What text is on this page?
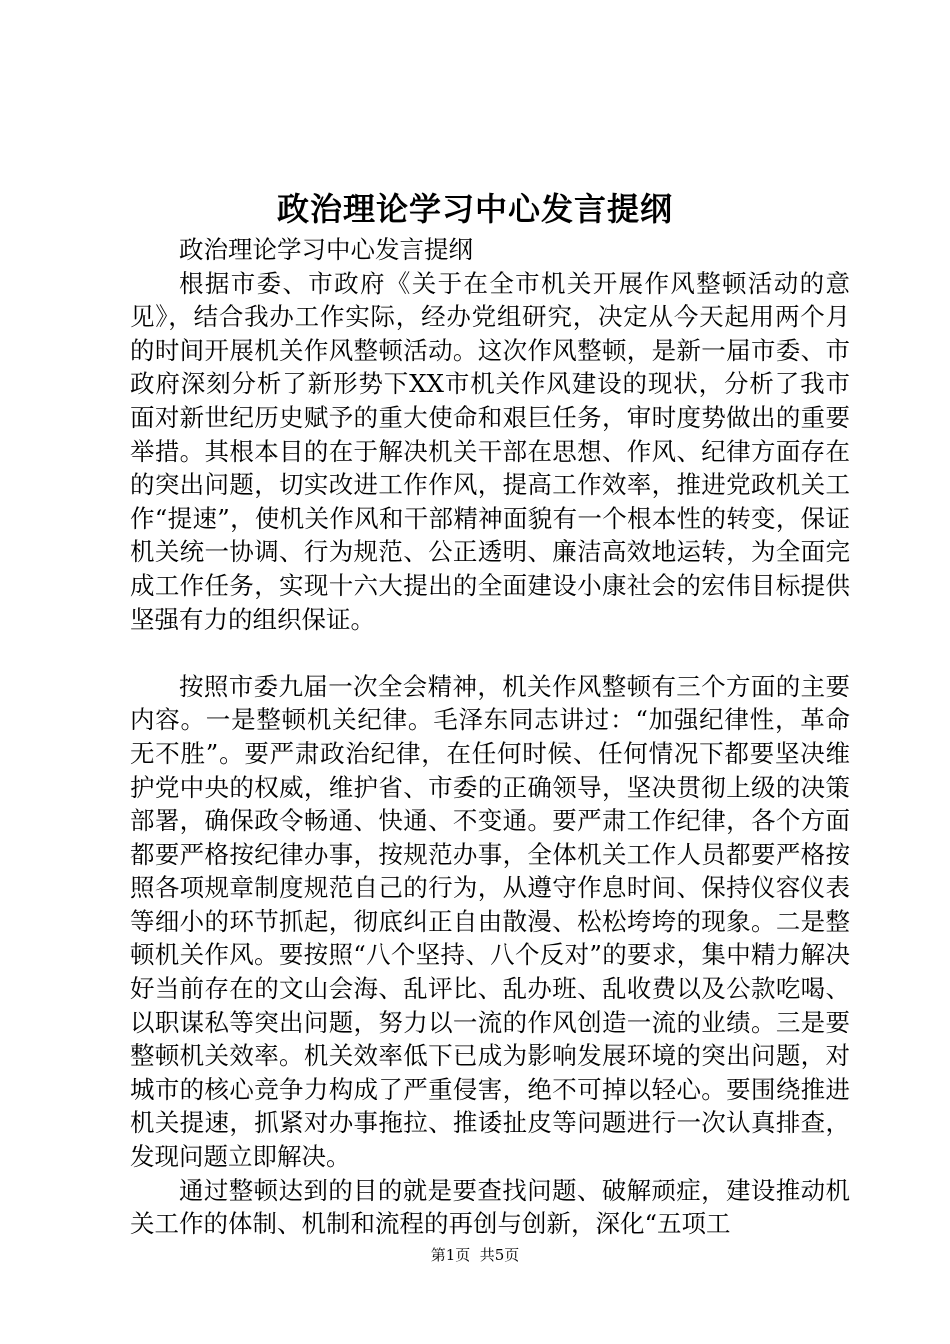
政治理论学习中心发言提纲

政治理论学习中心发言提纲

根据市委、市政府《关于在全市机关开展作风整顿活动的意见》，结合我办工作实际，经办党组研究，决定从今天起用两个月的时间开展机关作风整顿活动。这次作风整顿，是新一届市委、市政府深刻分析了新形势下XX市机关作风建设的现状，分析了我市面对新世纪历史赋予的重大使命和艰巨任务，审时度势做出的重要举措。其根本目的在于解决机关干部在思想、作风、纪律方面存在的突出问题，切实改进工作作风，提高工作效率，推进党政机关工作“提速”，使机关作风和干部精神面貌有一个根本性的转变，保证机关统一协调、行为规范、公正透明、廉洁高效地运转，为全面完成工作任务，实现十六大提出的全面建设小康社会的宏伟目标提供坚强有力的组织保证。

按照市委九届一次全会精神，机关作风整顿有三个方面的主要内容。一是整顿机关纪律。毛泽东同志讲过：“加强纪律性，革命无不胜”。要严肃政治纪律，在任何时候、任何情况下都要坚决维护党中央的权威，维护省、市委的正确领导，坚决贯彻上级的决策部署，确保政令畅通、快通、不变通。要严肃工作纪律，各个方面都要严格按纪律办事，按规范办事，全体机关工作人员都要严格按照各项规章制度规范自己的行为，从遵守作息时间、保持仪容仪表等细小的环节抓起，彻底纠正自由散漫、松松垮垮的现象。二是整顿机关作风。要按照“八个坚持、八个反对”的要求，集中精力解决好当前存在的文山会海、乱评比、乱办班、乱收费以及公款吃喝、以职谋私等突出问题，努力以一流的作风创造一流的业绩。三是要整顿机关效率。机关效率低下已成为影响发展环境的突出问题，对城市的核心竞争力构成了严重侵害，绝不可掉以轻心。要围绕推进机关提速，抓紧对办事拖拉、推诿扯皮等问题进行一次认真排查，发现问题立即解决。

通过整顿达到的目的就是要查找问题、破解顽症，建设推动机关工作的体制、机制和流程的再创与创新，深化“五项工

第1页  共5页
